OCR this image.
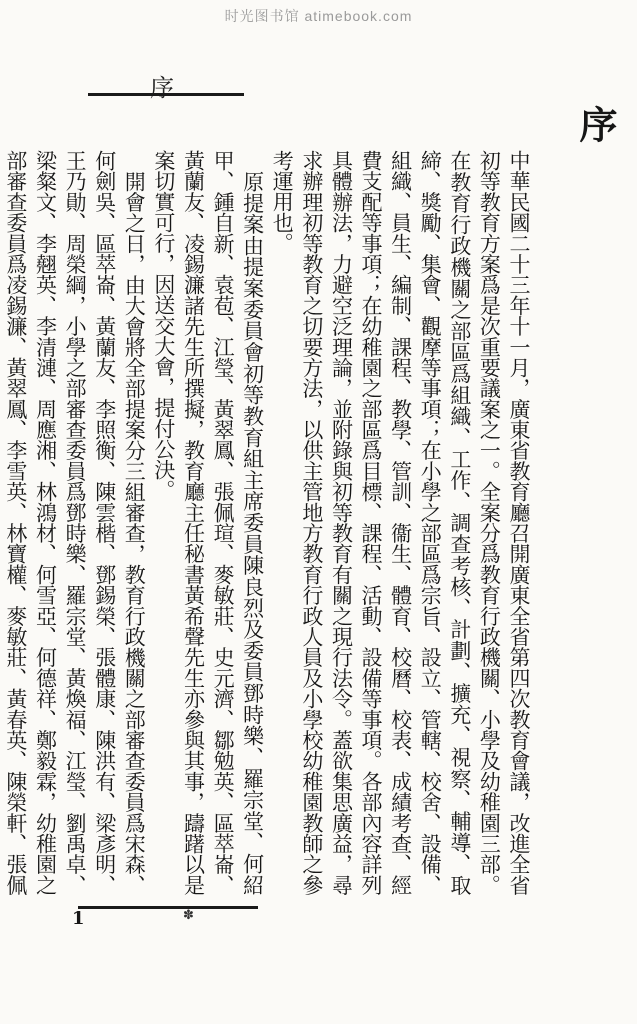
时光图书馆 atimebook.com
序
序

中華民國二十三年十一月，廣東省教育廳召開廣東全省第四次教育會議，改進全省初等教育方案爲是次重要議案之一。全案分爲教育行政機關、小學及幼稚園三部。在教育行政機關之部區爲組織、工作、調查考核、計劃、擴充、視察、輔導、取締、獎勵、集會、觀摩等事項；在小學之部區爲宗旨、設立、管轄、校舍、設備、組織、員生、編制、課程、教學、管訓、衞生、體育、校曆、校表、成績考查、經費支配等事項；在幼稚園之部區爲目標、課程、活動、設備等事項。各部內容詳列具體辦法，力避空泛理論，並附錄與初等教育有關之現行法令。蓋欲集思廣益，尋求辦理初等教育之切要方法，以供主管地方教育行政人員及小學校幼稚園教師之參考運用也。

原提案由提案委員會初等教育組主席委員陳良烈及委員鄧時樂、羅宗堂、何紹甲、鍾自新、袁苞、江瑩、黃翠鳳、張佩瑄、麥敏莊、史元濟、鄒勉英、區萃崙、黃蘭友、凌錫濂諸先生所撰擬，教育廳主任秘書黃希聲先生亦參與其事，躊躇以是案切實可行，因送交大會，提付公決。

開會之日，由大會將全部提案分三組審查，教育行政機關之部審查委員爲宋森、何劍吳、區萃崙、黃蘭友、李照衡、陳雲楷、鄧錫榮、張體康、陳洪有、梁彥明、王乃勛、周榮綱，小學之部審查委員爲鄧時樂、羅宗堂、黃煥福、江瑩、劉禹卓、梁粲文、李翹英、李清漣、周應湘、林鴻材、何雪亞、何德祥、鄭毅霖，幼稚園之部審查委員爲凌錫濂、黃翠鳳、李雪英、林寶權、麥敏莊、黃春英、陳榮軒、張佩

1	✽
